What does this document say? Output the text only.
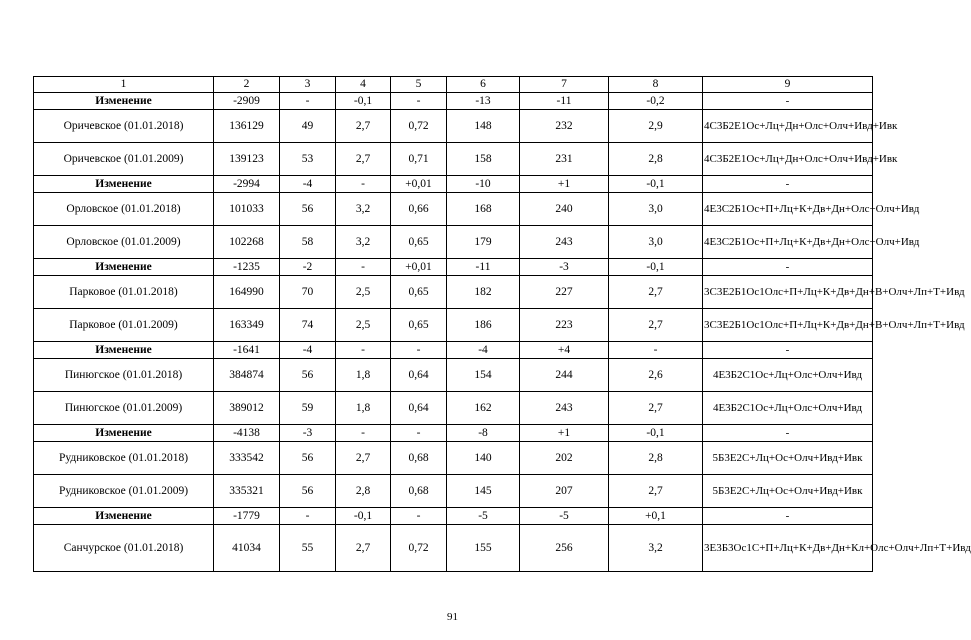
1	2	3	4	5	6	7	8	9
Изменение	-2909	-	-0,1	-	-13	-11	-0,2	-
Оричевское (01.01.2018)	136129	49	2,7	0,72	148	232	2,9	4С3Б2Е1Ос+Лц+Дн+Олс+Олч+Ивд+Ивк
Оричевское (01.01.2009)	139123	53	2,7	0,71	158	231	2,8	4С3Б2Е1Ос+Лц+Дн+Олс+Олч+Ивд+Ивк
Изменение	-2994	-4	-	+0,01	-10	+1	-0,1	-
Орловское (01.01.2018)	101033	56	3,2	0,66	168	240	3,0	4Е3С2Б1Ос+П+Лц+К+Дв+Дн+Олс+Олч+Ивд
Орловское (01.01.2009)	102268	58	3,2	0,65	179	243	3,0	4Е3С2Б1Ос+П+Лц+К+Дв+Дн+Олс+Олч+Ивд
Изменение	-1235	-2	-	+0,01	-11	-3	-0,1	-
Парковое (01.01.2018)	164990	70	2,5	0,65	182	227	2,7	3С3Е2Б1Ос1Олс+П+Лц+К+Дв+Дн+В+Олч+Лп+Т+Ивд
Парковое (01.01.2009)	163349	74	2,5	0,65	186	223	2,7	3С3Е2Б1Ос1Олс+П+Лц+К+Дв+Дн+В+Олч+Лп+Т+Ивд
Изменение	-1641	-4	-	-	-4	+4	-	-
Пинюгское (01.01.2018)	384874	56	1,8	0,64	154	244	2,6	4Е3Б2С1Ос+Лц+Олс+Олч+Ивд
Пинюгское (01.01.2009)	389012	59	1,8	0,64	162	243	2,7	4Е3Б2С1Ос+Лц+Олс+Олч+Ивд
Изменение	-4138	-3	-	-	-8	+1	-0,1	-
Рудниковское (01.01.2018)	333542	56	2,7	0,68	140	202	2,8	5Б3Е2С+Лц+Ос+Олч+Ивд+Ивк
Рудниковское (01.01.2009)	335321	56	2,8	0,68	145	207	2,7	5Б3Е2С+Лц+Ос+Олч+Ивд+Ивк
Изменение	-1779	-	-0,1	-	-5	-5	+0,1	-
Санчурское (01.01.2018)	41034	55	2,7	0,72	155	256	3,2	3Е3Б3Ос1С+П+Лц+К+Дв+Дн+Кл+Олс+Олч+Лп+Т+Ивд
91
